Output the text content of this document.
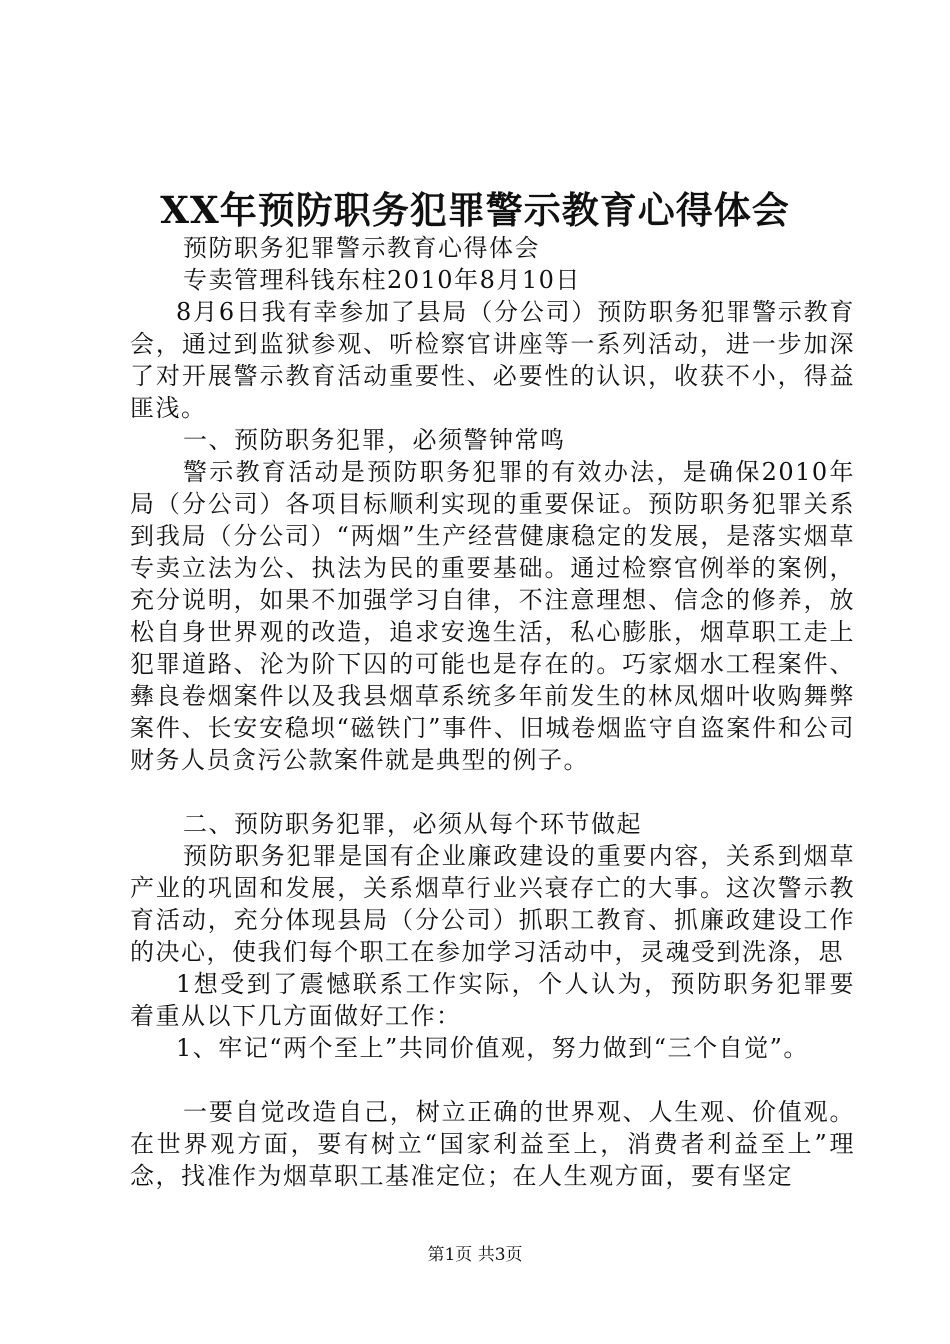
XX年预防职务犯罪警示教育心得体会

预防职务犯罪警示教育心得体会

专卖管理科钱东柱2010年8月10日

8月6日我有幸参加了县局（分公司）预防职务犯罪警示教育会，通过到监狱参观、听检察官讲座等一系列活动，进一步加深了对开展警示教育活动重要性、必要性的认识，收获不小，得益匪浅。

一、预防职务犯罪，必须警钟常鸣

警示教育活动是预防职务犯罪的有效办法，是确保2010年局（分公司）各项目标顺利实现的重要保证。预防职务犯罪关系到我局（分公司）“两烟”生产经营健康稳定的发展，是落实烟草专卖立法为公、执法为民的重要基础。通过检察官例举的案例，充分说明，如果不加强学习自律，不注意理想、信念的修养，放松自身世界观的改造，追求安逸生活，私心膨胀，烟草职工走上犯罪道路、沦为阶下囚的可能也是存在的。巧家烟水工程案件、彝良卷烟案件以及我县烟草系统多年前发生的林凤烟叶收购舞弊案件、长安安稳坝“磁铁门”事件、旧城卷烟监守自盗案件和公司财务人员贪污公款案件就是典型的例子。

二、预防职务犯罪，必须从每个环节做起

预防职务犯罪是国有企业廉政建设的重要内容，关系到烟草产业的巩固和发展，关系烟草行业兴衰存亡的大事。这次警示教育活动，充分体现县局（分公司）抓职工教育、抓廉政建设工作的决心，使我们每个职工在参加学习活动中，灵魂受到洗涤，思

1想受到了震憾联系工作实际，个人认为，预防职务犯罪要着重从以下几方面做好工作：

1、牢记“两个至上”共同价值观，努力做到“三个自觉”。

一要自觉改造自己，树立正确的世界观、人生观、价值观。在世界观方面，要有树立“国家利益至上，消费者利益至上”理念，找准作为烟草职工基准定位；在人生观方面，要有坚定

第1页 共3页
